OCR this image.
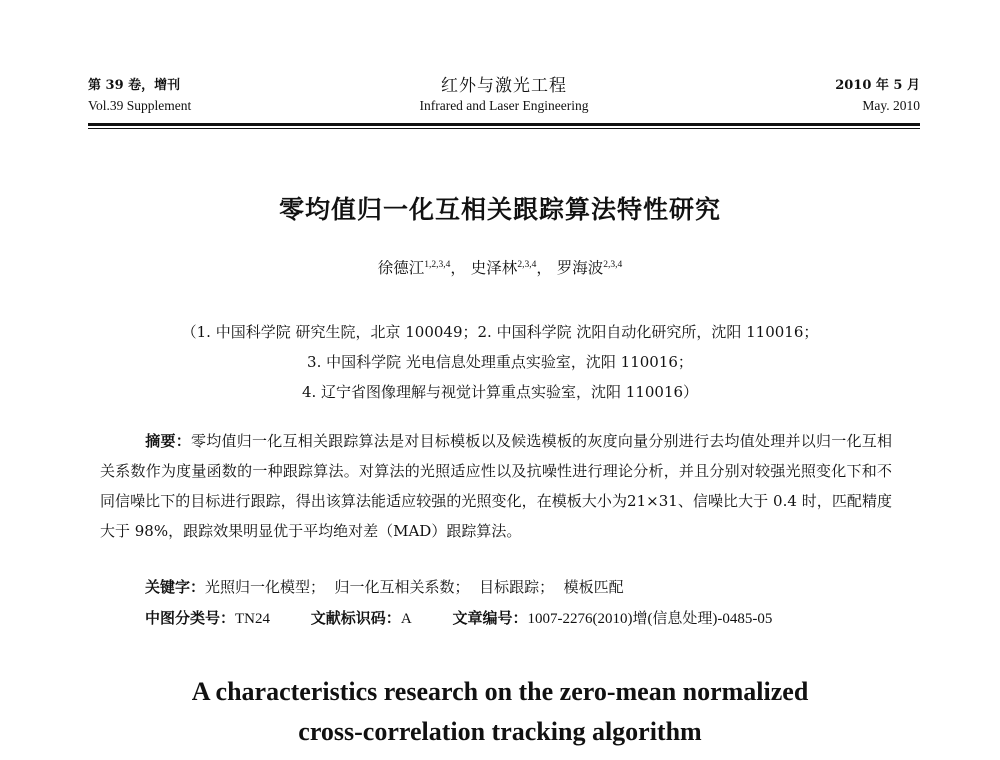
第 39 卷，增刊
Vol.39 Supplement
红外与激光工程
Infrared and Laser Engineering
2010 年 5 月
May. 2010
零均值归一化互相关跟踪算法特性研究
徐德江$^{1,2,3,4}$， 史泽林$^{2,3,4}$， 罗海波$^{2,3,4}$
（1. 中国科学院 研究生院，北京 100049；2. 中国科学院 沈阳自动化研究所，沈阳 110016；
3. 中国科学院 光电信息处理重点实验室，沈阳 110016；
4. 辽宁省图像理解与视觉计算重点实验室，沈阳 110016）
摘要：零均值归一化互相关跟踪算法是对目标模板以及候选模板的灰度向量分别进行去均值处理并以归一化互相关系数作为度量函数的一种跟踪算法。对算法的光照适应性以及抗噪性进行理论分析，并且分别对较强光照变化下和不同信噪比下的目标进行跟踪，得出该算法能适应较强的光照变化，在模板大小为21×31、信噪比大于 0.4 时，匹配精度大于 98%，跟踪效果明显优于平均绝对差（MAD）跟踪算法。
关键字：光照归一化模型；  归一化互相关系数；  目标跟踪；  模板匹配
中图分类号：TN24	文献标识码：A	文章编号：1007-2276(2010)增(信息处理)-0485-05
A characteristics research on the zero-mean normalized
cross-correlation tracking algorithm
